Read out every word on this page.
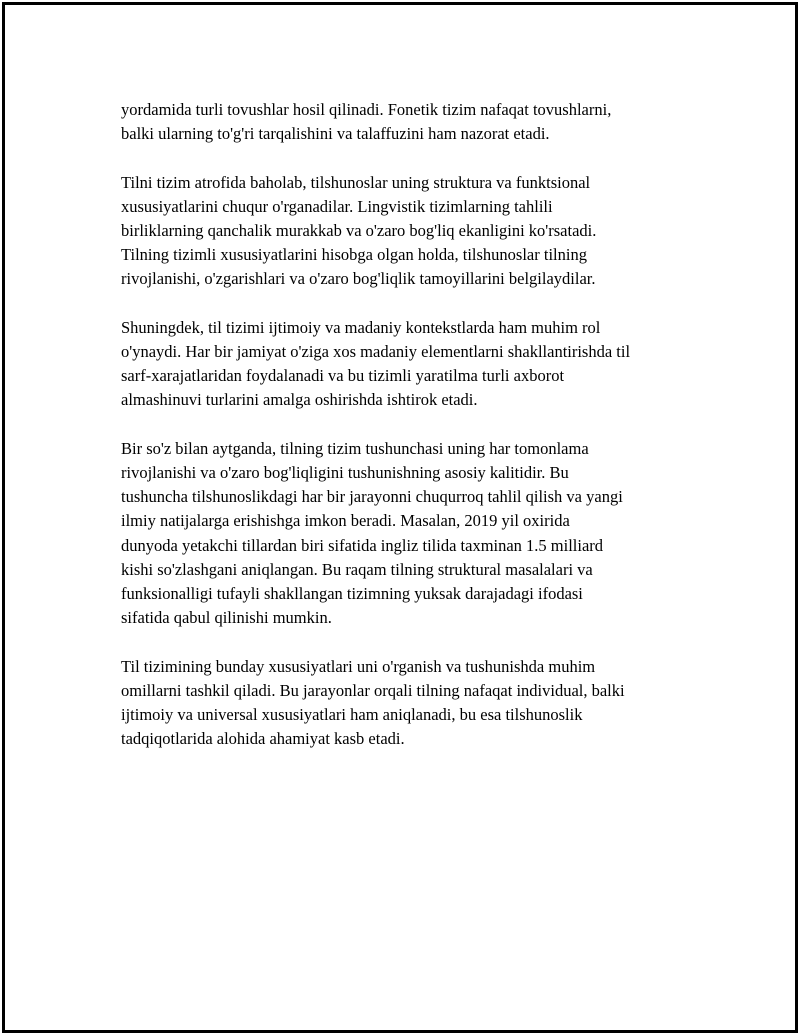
yordamida turli tovushlar hosil qilinadi. Fonetik tizim nafaqat tovushlarni,
balki ularning to'g'ri tarqalishini va talaffuzini ham nazorat etadi.

Tilni tizim atrofida baholab, tilshunoslar uning struktura va funktsional
xususiyatlarini chuqur o'rganadilar. Lingvistik tizimlarning tahlili
birliklarning qanchalik murakkab va o'zaro bog'liq ekanligini ko'rsatadi.
Tilning tizimli xususiyatlarini hisobga olgan holda, tilshunoslar tilning
rivojlanishi, o'zgarishlari va o'zaro bog'liqlik tamoyillarini belgilaydilar.

Shuningdek, til tizimi ijtimoiy va madaniy kontekstlarda ham muhim rol
o'ynaydi. Har bir jamiyat o'ziga xos madaniy elementlarni shakllantirishda til
sarf-xarajatlaridan foydalanadi va bu tizimli yaratilma turli axborot
almashinuvi turlarini amalga oshirishda ishtirok etadi.

Bir so'z bilan aytganda, tilning tizim tushunchasi uning har tomonlama
rivojlanishi va o'zaro bog'liqligini tushunishning asosiy kalitidir. Bu
tushuncha tilshunoslikdagi har bir jarayonni chuqurroq tahlil qilish va yangi
ilmiy natijalarga erishishga imkon beradi. Masalan, 2019 yil oxirida
dunyoda yetakchi tillardan biri sifatida ingliz tilida taxminan 1.5 milliard
kishi so'zlashgani aniqlangan. Bu raqam tilning struktural masalalari va
funksionalligi tufayli shakllangan tizimning yuksak darajadagi ifodasi
sifatida qabul qilinishi mumkin.

Til tizimining bunday xususiyatlari uni o'rganish va tushunishda muhim
omillarni tashkil qiladi. Bu jarayonlar orqali tilning nafaqat individual, balki
ijtimoiy va universal xususiyatlari ham aniqlanadi, bu esa tilshunoslik
tadqiqotlarida alohida ahamiyat kasb etadi.
